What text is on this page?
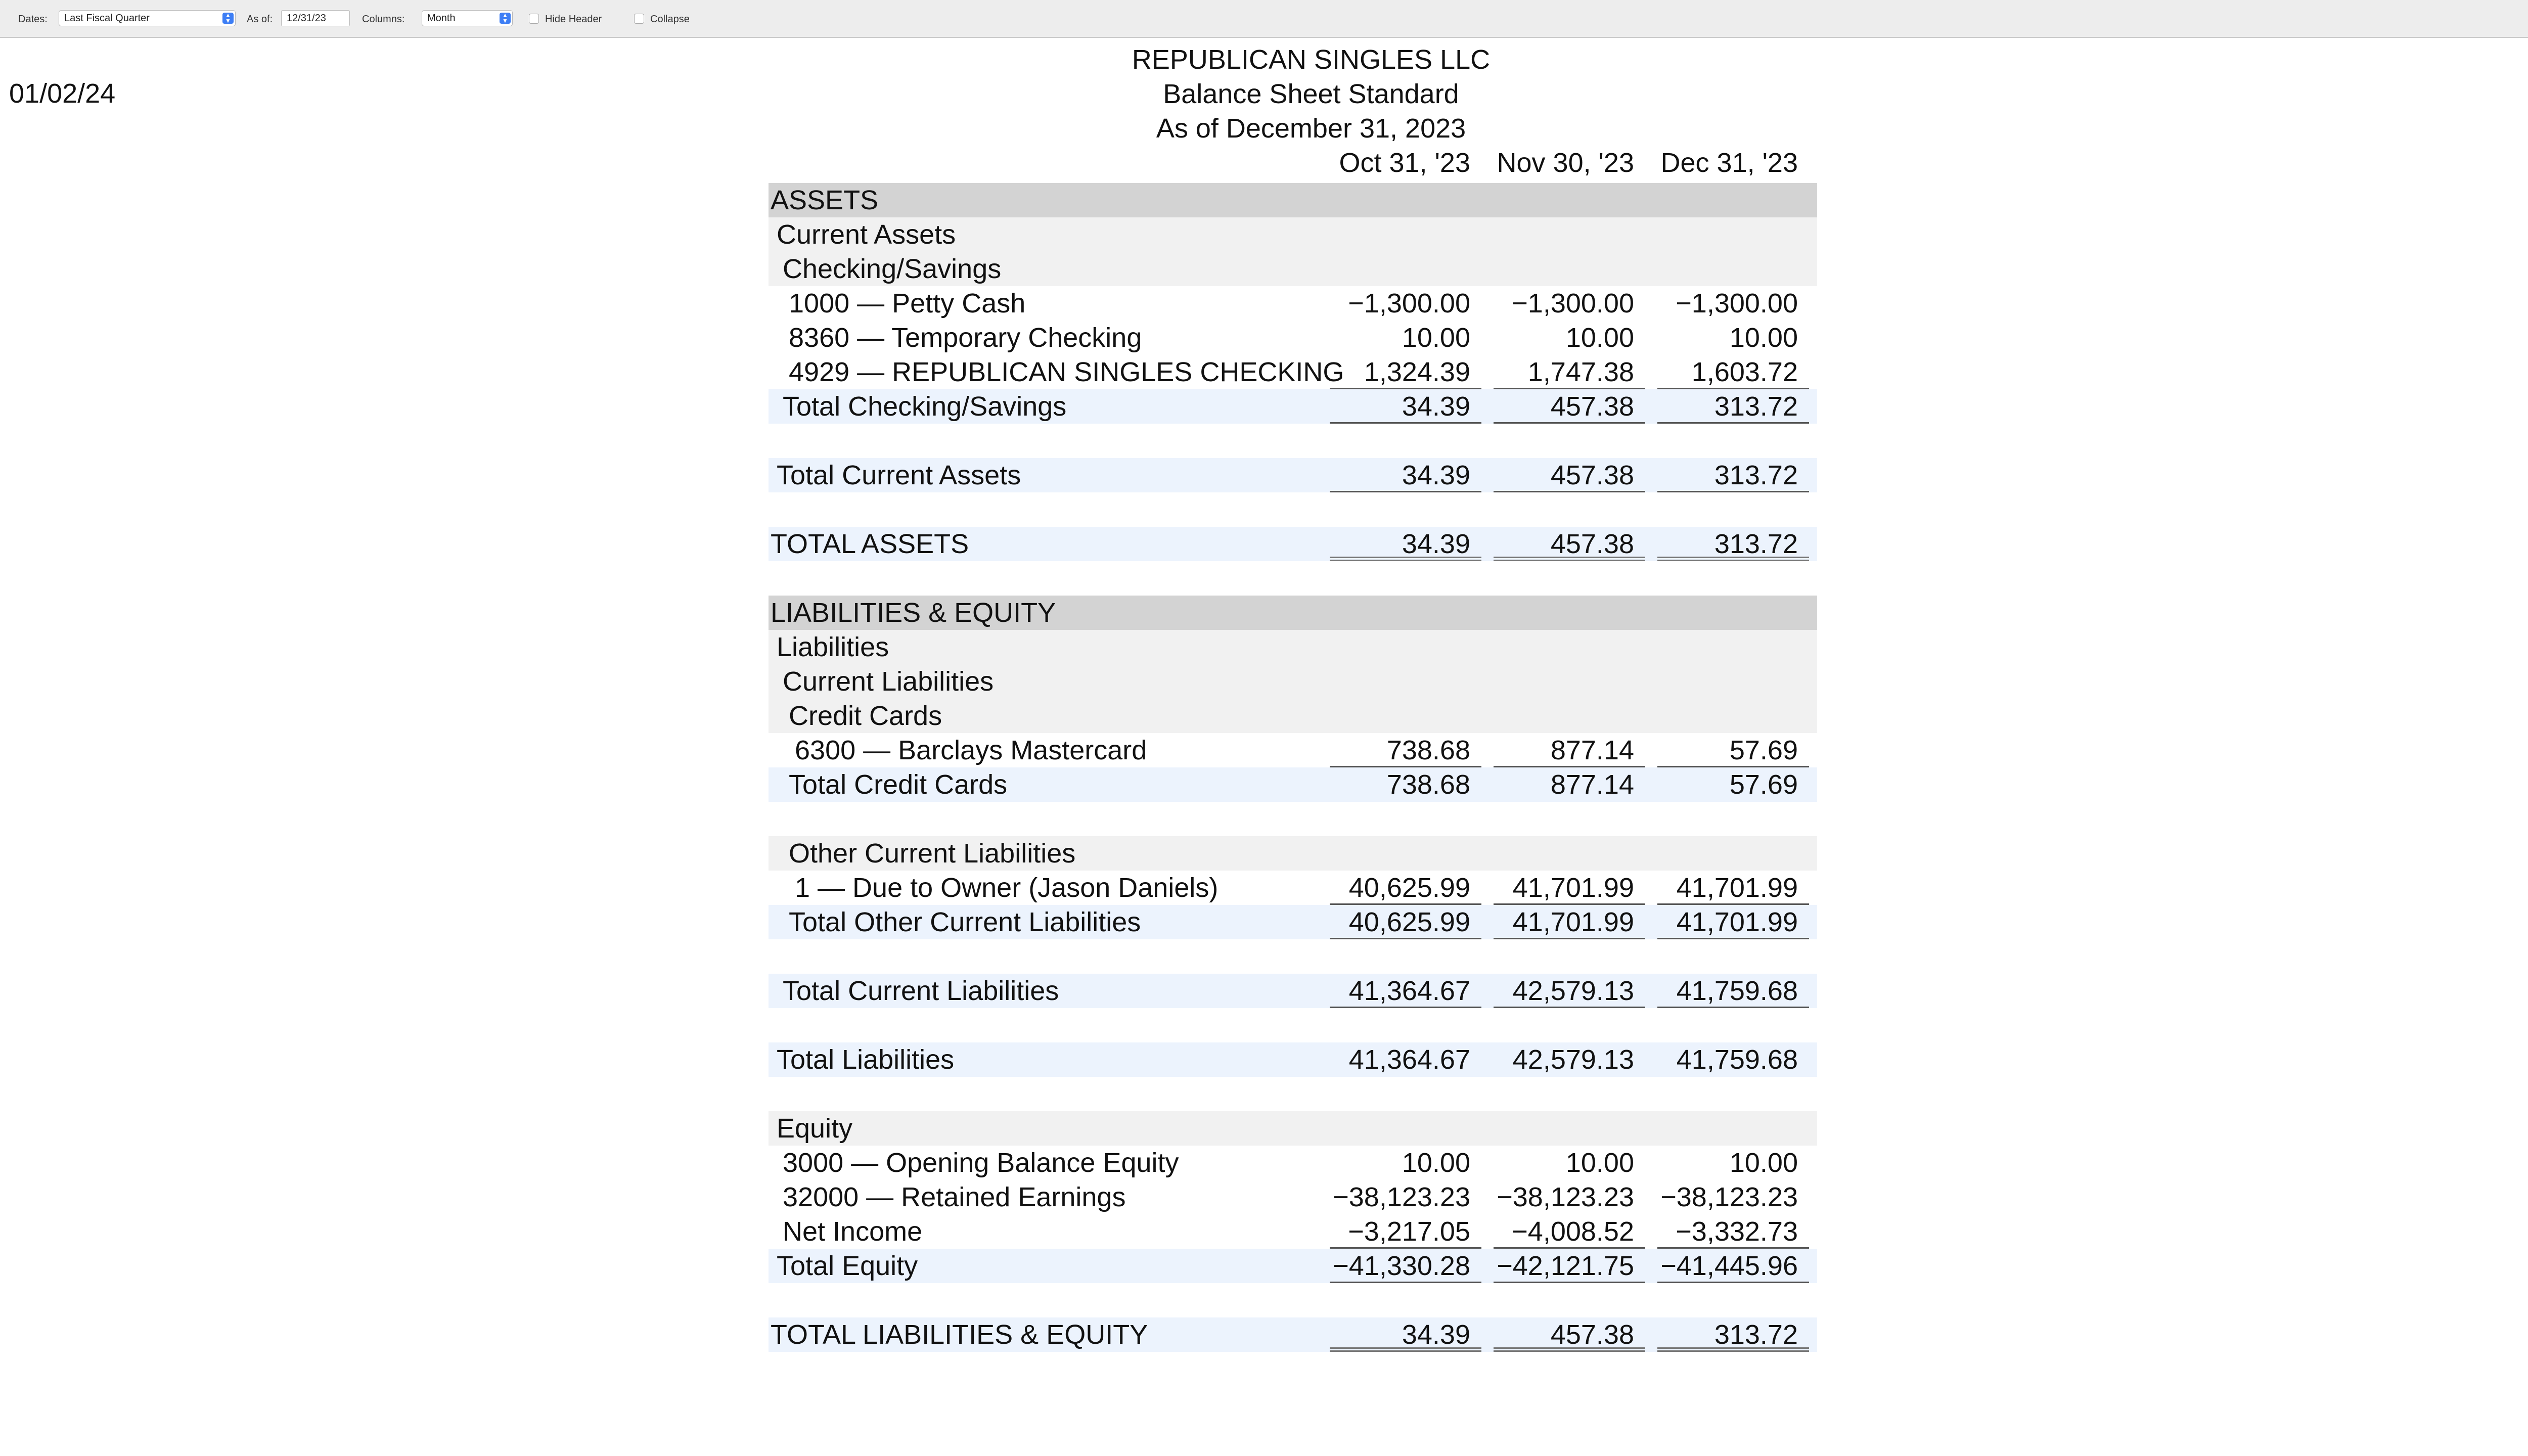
Dates:	Last Fiscal Quarter	▲
▼ As of:	12/31/23	Columns:	Month	▲
▼	Hide Header	Collapse
01/02/24
REPUBLICAN SINGLES LLC
Balance Sheet Standard
As of December 31, 2023
Oct 31, '23 Nov 30, '23 Dec 31, '23
ASSETS
Current Assets
Checking/Savings
1000 — Petty Cash	−1,300.00	−1,300.00	−1,300.00
8360 — Temporary Checking	10.00	10.00	10.00
4929 — REPUBLICAN SINGLES CHECKING 1,324.39	1,747.38	1,603.72
Total Checking/Savings	34.39	457.38	313.72
Total Current Assets	34.39	457.38	313.72
TOTAL ASSETS	34.39	457.38	313.72
LIABILITIES & EQUITY
Liabilities
Current Liabilities
Credit Cards
6300 — Barclays Mastercard	738.68	877.14	57.69
Total Credit Cards	738.68	877.14	57.69
Other Current Liabilities
1 — Due to Owner (Jason Daniels)	40,625.99	41,701.99	41,701.99
Total Other Current Liabilities	40,625.99	41,701.99	41,701.99
Total Current Liabilities	41,364.67	42,579.13	41,759.68
Total Liabilities	41,364.67	42,579.13	41,759.68
Equity
3000 — Opening Balance Equity	10.00	10.00	10.00
32000 — Retained Earnings	−38,123.23 −38,123.23 −38,123.23
Net Income	−3,217.05	−4,008.52	−3,332.73
Total Equity	−41,330.28 −42,121.75 −41,445.96
TOTAL LIABILITIES & EQUITY	34.39	457.38	313.72
